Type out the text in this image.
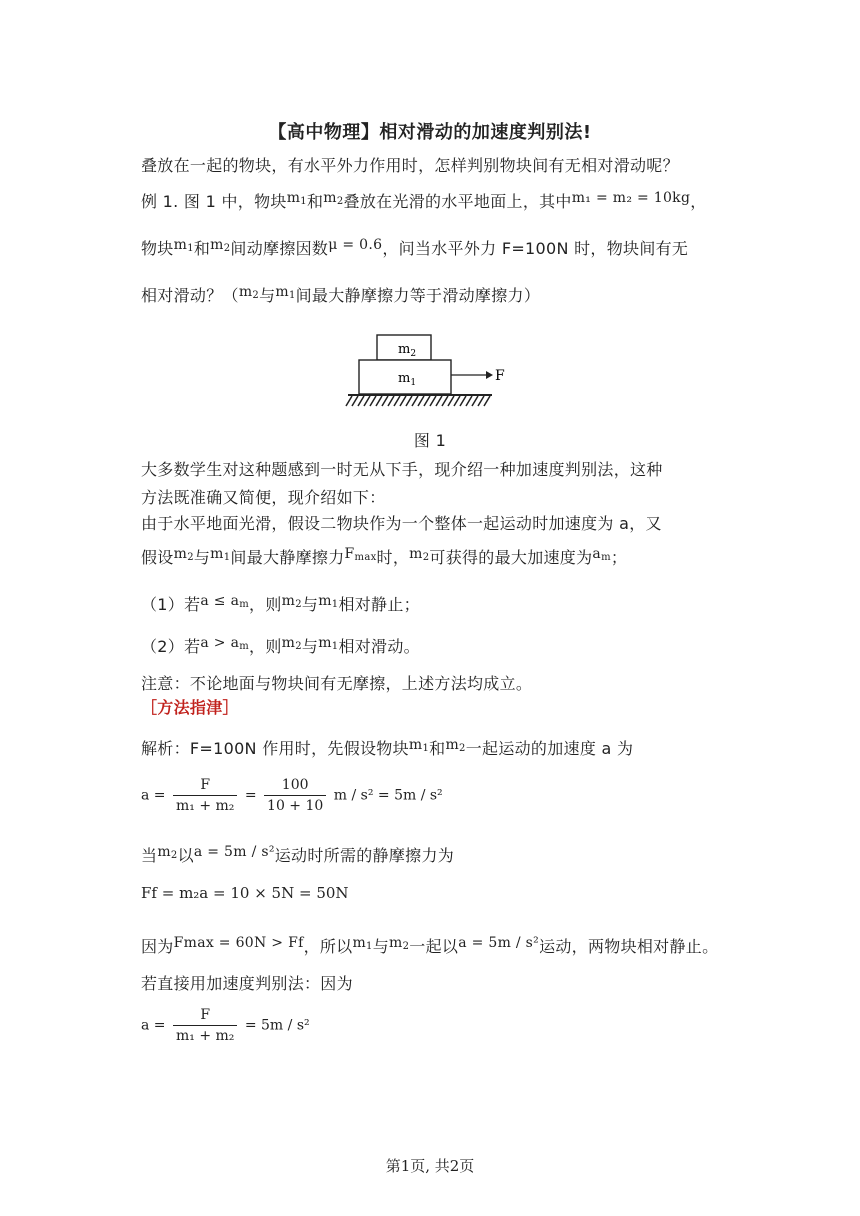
【高中物理】相对滑动的加速度判别法!
叠放在一起的物块，有水平外力作用时，怎样判别物块间有无相对滑动呢？
例 1. 图 1 中，物块$m_1$和$m_2$叠放在光滑的水平地面上，其中m₁ = m₂ = 10kg，
物块$m_1$和$m_2$间动摩擦因数μ = 0.6，问当水平外力 F=100N 时，物块间有无
相对滑动？（$m_2$与$m_1$间最大静摩擦力等于滑动摩擦力）
$m_2$
$m_1$	F
图 1
大多数学生对这种题感到一时无从下手，现介绍一种加速度判别法，这种
方法既准确又简便，现介绍如下：
由于水平地面光滑，假设二物块作为一个整体一起运动时加速度为 a，又
假设$m_2$与$m_1$间最大静摩擦力$F_{max}$时，$m_2$可获得的最大加速度为$a_m$；
（1）若$a \le a_m$，则$m_2$与$m_1$相对静止；
（2）若$a > a_m$，则$m_2$与$m_1$相对滑动。
注意：不论地面与物块间有无摩擦，上述方法均成立。
［方法指津］
解析：F=100N 作用时，先假设物块$m_1$和$m_2$一起运动的加速度 a 为
$a = \frac{F}{\text{m₁ + m₂}} = \frac{100}{10 + 10}$ m / s² = 5m / s²
当$m_2$以a = 5m / s²运动时所需的静摩擦力为
Ff = m₂a = 10 × 5N = 50N
因为Fmax = 60N > Ff，所以$m_1$与$m_2$一起以a = 5m / s²运动，两物块相对静止。
若直接用加速度判别法：因为
$a = \frac{F}{\text{m₁ + m₂}} = 5m / s^2$
第1页, 共2页
